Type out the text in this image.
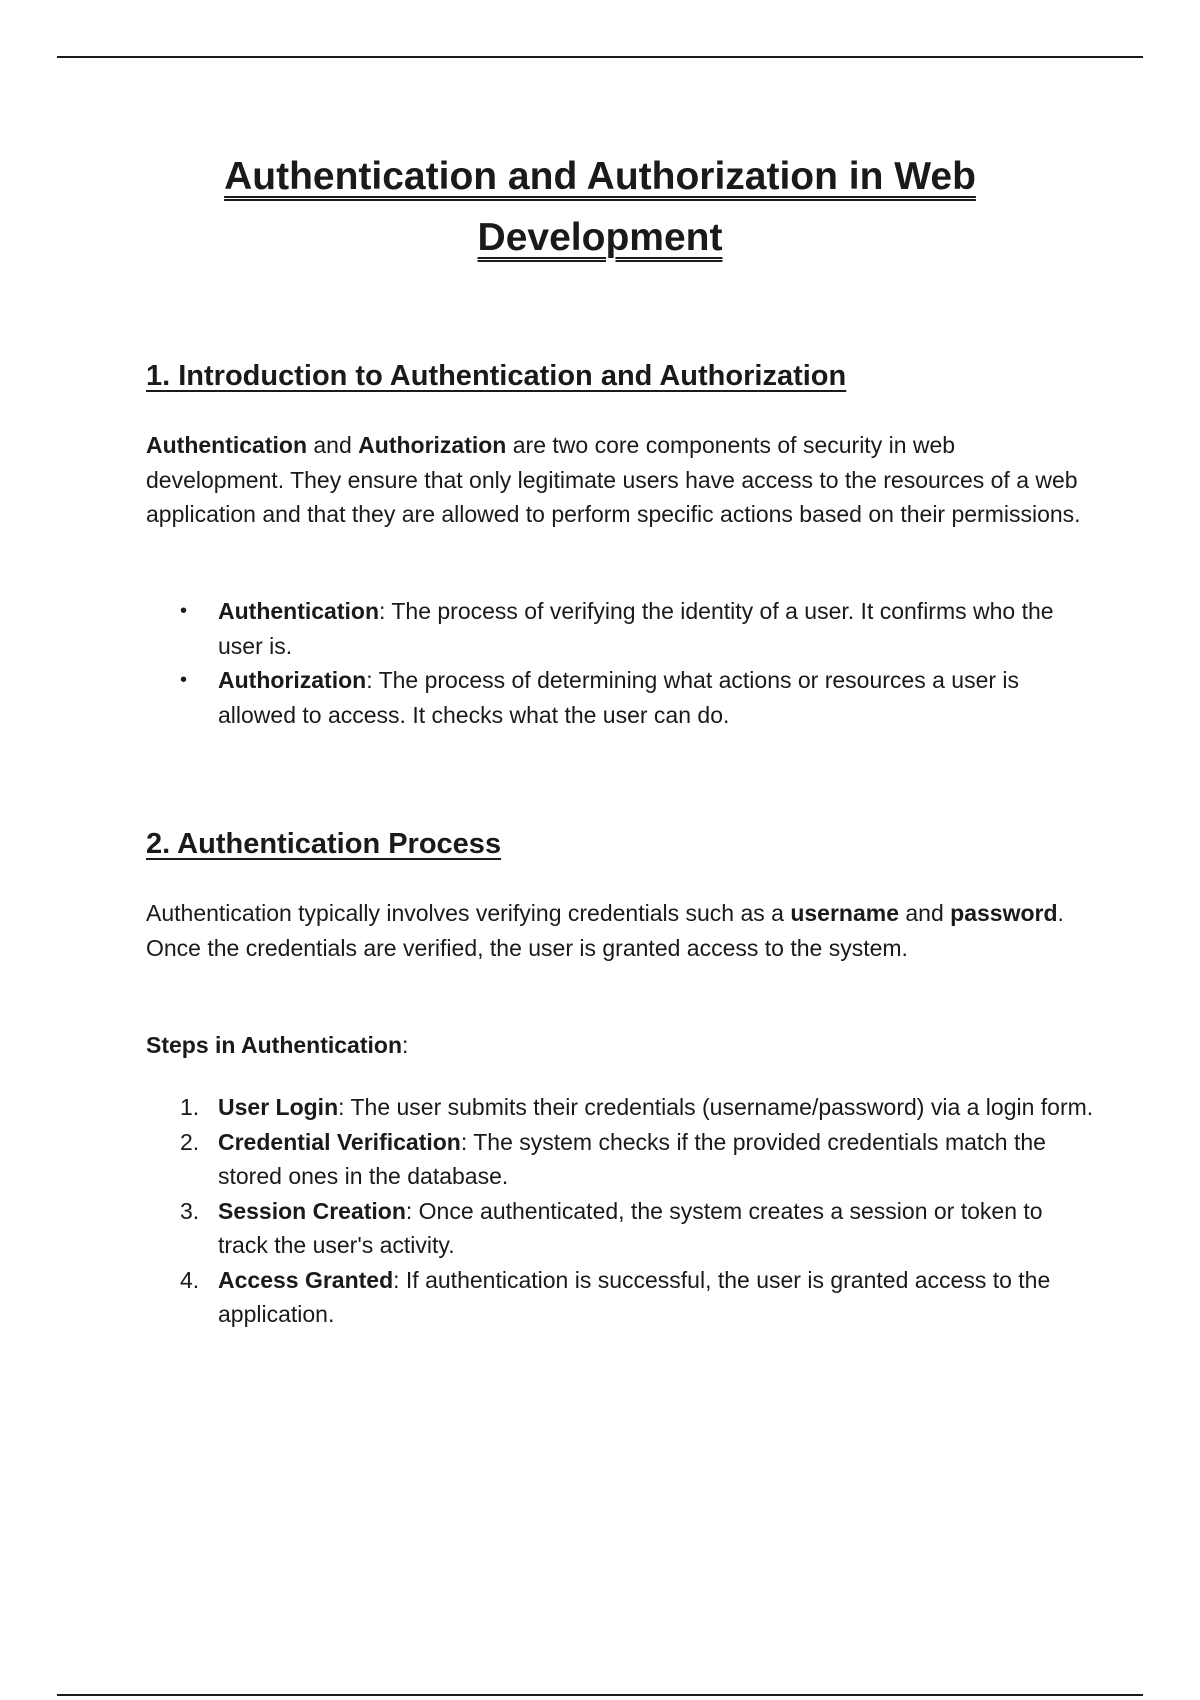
Authentication and Authorization in Web
Development
1. Introduction to Authentication and Authorization

Authentication and Authorization are two core components of security in web development. They ensure that only legitimate users have access to the resources of a web application and that they are allowed to perform specific actions based on their permissions.

•	Authentication: The process of verifying the identity of a user. It confirms who the user is.
•	Authorization: The process of determining what actions or resources a user is allowed to access. It checks what the user can do.
2. Authentication Process

Authentication typically involves verifying credentials such as a username and password. Once the credentials are verified, the user is granted access to the system.

Steps in Authentication:

1. User Login: The user submits their credentials (username/password) via a login form.
2. Credential Verification: The system checks if the provided credentials match the stored ones in the database.
3. Session Creation: Once authenticated, the system creates a session or token to track the user's activity.
4. Access Granted: If authentication is successful, the user is granted access to the application.
